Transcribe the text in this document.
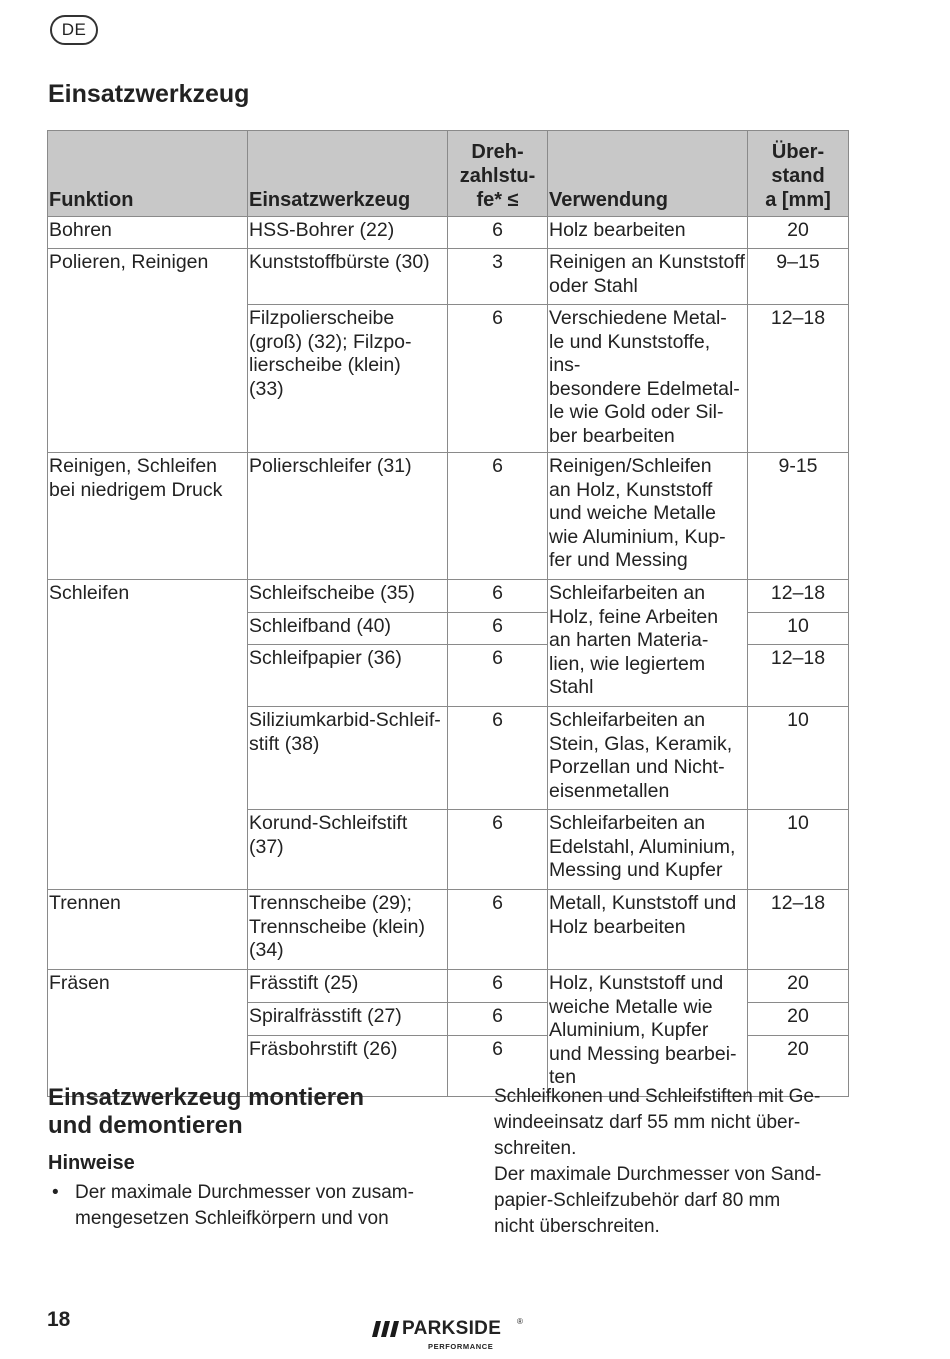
DE
Einsatzwerkzeug
Funktion	Einsatzwerkzeug	Dreh-
zahlstu-
fe* ≤	Verwendung	Über-
stand
a [mm]
Bohren	HSS-Bohrer (22)	6	Holz bearbeiten	20
Polieren, Reinigen	Kunststoffbürste (30)	3	Reinigen an Kunststoff
oder Stahl	9–15
	Filzpolierscheibe
(groß) (32); Filzpo-
lierscheibe (klein)
(33)	6	Verschiedene Metal-
le und Kunststoffe, ins-
besondere Edelmetal-
le wie Gold oder Sil-
ber bearbeiten	12–18
Reinigen, Schleifen
bei niedrigem Druck	Polierschleifer (31)	6	Reinigen/Schleifen
an Holz, Kunststoff
und weiche Metalle
wie Aluminium, Kup-
fer und Messing	9-15
Schleifen	Schleifscheibe (35)	6	Schleifarbeiten an
Holz, feine Arbeiten
an harten Materia-
lien, wie legiertem
Stahl	12–18
	Schleifband (40)	6		10
	Schleifpapier (36)	6		12–18
	Siliziumkarbid-Schleif-
stift (38)	6	Schleifarbeiten an
Stein, Glas, Keramik,
Porzellan und Nicht-
eisenmetallen	10
	Korund-Schleifstift
(37)	6	Schleifarbeiten an
Edelstahl, Aluminium,
Messing und Kupfer	10
Trennen	Trennscheibe (29);
Trennscheibe (klein)
(34)	6	Metall, Kunststoff und
Holz bearbeiten	12–18
Fräsen	Frässtift (25)	6	Holz, Kunststoff und
weiche Metalle wie
Aluminium, Kupfer
und Messing bearbei-
ten	20
	Spiralfrässtift (27)	6		20
	Fräsbohrstift (26)	6		20
Einsatzwerkzeug montieren
und demontieren
Hinweise
• Der maximale Durchmesser von zusam-
mengesetzen Schleifkörpern und von

Schleifkonen und Schleifstiften mit Ge-
windeeinsatz darf 55 mm nicht über-
schreiten.

Der maximale Durchmesser von Sand-
papier-Schleifzubehör darf 80 mm
nicht überschreiten.

18	PARKSIDE ®
PERFORMANCE
